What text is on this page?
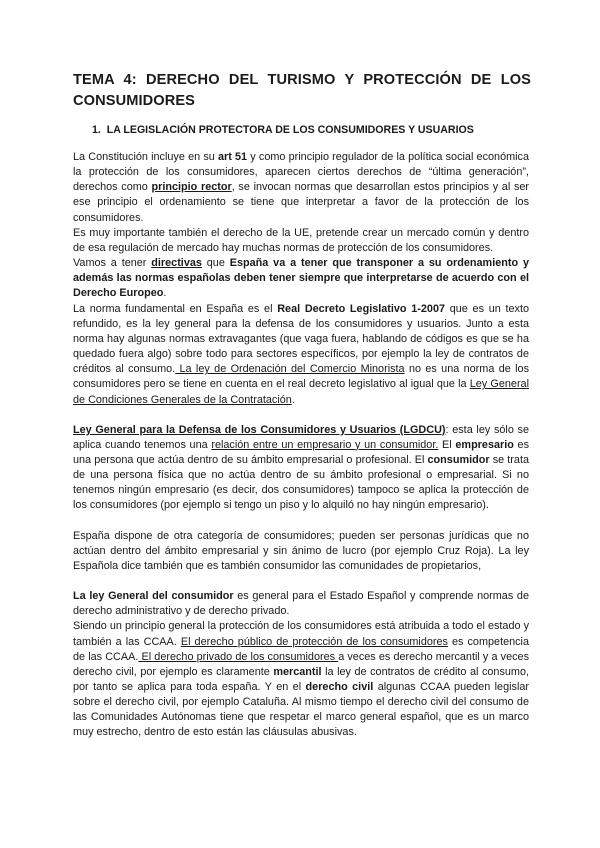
TEMA 4: DERECHO DEL TURISMO Y PROTECCIÓN DE LOS CONSUMIDORES
1. LA LEGISLACIÓN PROTECTORA DE LOS CONSUMIDORES Y USUARIOS

La Constitución incluye en su art 51 y como principio regulador de la política social económica la protección de los consumidores, aparecen ciertos derechos de “última generación”, derechos como principio rector, se invocan normas que desarrollan estos principios y al ser ese principio el ordenamiento se tiene que interpretar a favor de la protección de los consumidores.

Es muy importante también el derecho de la UE, pretende crear un mercado común y dentro de esa regulación de mercado hay muchas normas de protección de los consumidores.

Vamos a tener directivas que España va a tener que transponer a su ordenamiento y además las normas españolas deben tener siempre que interpretarse de acuerdo con el Derecho Europeo.

La norma fundamental en España es el Real Decreto Legislativo 1-2007 que es un texto refundido, es la ley general para la defensa de los consumidores y usuarios. Junto a esta norma hay algunas normas extravagantes (que vaga fuera, hablando de códigos es que se ha quedado fuera algo) sobre todo para sectores específicos, por ejemplo la ley de contratos de créditos al consumo. La ley de Ordenación del Comercio Minorista no es una norma de los consumidores pero se tiene en cuenta en el real decreto legislativo al igual que la Ley General de Condiciones Generales de la Contratación.

Ley General para la Defensa de los Consumidores y Usuarios (LGDCU): esta ley sólo se aplica cuando tenemos una relación entre un empresario y un consumidor. El empresario es una persona que actúa dentro de su ámbito empresarial o profesional. El consumidor se trata de una persona física que no actúa dentro de su ámbito profesional o empresarial. Si no tenemos ningún empresario (es decir, dos consumidores) tampoco se aplica la protección de los consumidores (por ejemplo si tengo un piso y lo alquiló no hay ningún empresario).

España dispone de otra categoría de consumidores; pueden ser personas jurídicas que no actúan dentro del ámbito empresarial y sin ánimo de lucro (por ejemplo Cruz Roja). La ley Española dice también que es también consumidor las comunidades de propietarios,

La ley General del consumidor es general para el Estado Español y comprende normas de derecho administrativo y de derecho privado.

Siendo un principio general la protección de los consumidores está atribuida a todo el estado y también a las CCAA. El derecho público de protección de los consumidores es competencia de las CCAA. El derecho privado de los consumidores a veces es derecho mercantil y a veces derecho civil, por ejemplo es claramente mercantil la ley de contratos de crédito al consumo, por tanto se aplica para toda españa. Y en el derecho civil algunas CCAA pueden legislar sobre el derecho civil, por ejemplo Cataluña. Al mismo tiempo el derecho civil del consumo de las Comunidades Autónomas tiene que respetar el marco general español, que es un marco muy estrecho, dentro de esto están las cláusulas abusivas.
